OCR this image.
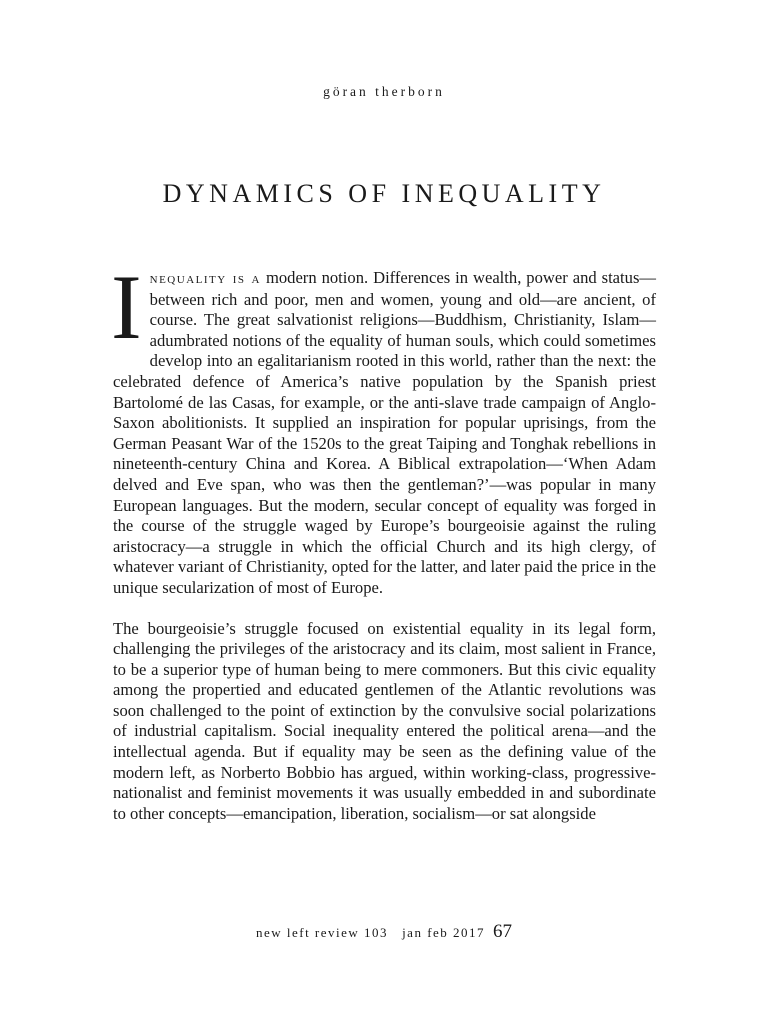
göran therborn
DYNAMICS OF INEQUALITY

Inequality is a modern notion. Differences in wealth, power and status—between rich and poor, men and women, young and old—are ancient, of course. The great salvationist religions—Buddhism, Christianity, Islam—adumbrated notions of the equality of human souls, which could sometimes develop into an egalitarianism rooted in this world, rather than the next: the celebrated defence of America’s native population by the Spanish priest Bartolomé de las Casas, for example, or the anti-slave trade campaign of Anglo-Saxon abolitionists. It supplied an inspiration for popular uprisings, from the German Peasant War of the 1520s to the great Taiping and Tonghak rebellions in nineteenth-century China and Korea. A Biblical extrapolation—‘When Adam delved and Eve span, who was then the gentleman?’—was popular in many European languages. But the modern, secular concept of equality was forged in the course of the struggle waged by Europe’s bourgeoisie against the ruling aristocracy—a struggle in which the official Church and its high clergy, of whatever variant of Christianity, opted for the latter, and later paid the price in the unique secularization of most of Europe.

The bourgeoisie’s struggle focused on existential equality in its legal form, challenging the privileges of the aristocracy and its claim, most salient in France, to be a superior type of human being to mere commoners. But this civic equality among the propertied and educated gentlemen of the Atlantic revolutions was soon challenged to the point of extinction by the convulsive social polarizations of industrial capitalism. Social inequality entered the political arena—and the intellectual agenda. But if equality may be seen as the defining value of the modern left, as Norberto Bobbio has argued, within working-class, progressive-nationalist and feminist movements it was usually embedded in and subordinate to other concepts—emancipation, liberation, socialism—or sat alongside

new left review 103 jan feb 2017 67
